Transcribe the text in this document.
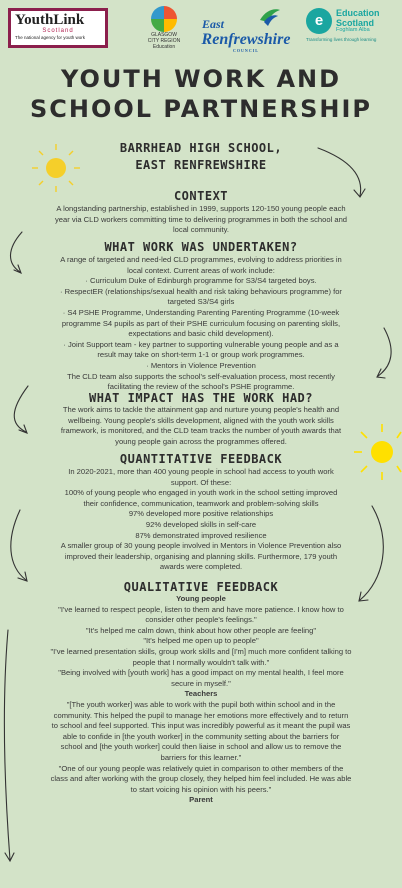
YouthLink
Scotland
The national agency for youth work	GLASGOW
CITY REGION
Education
East
Renfrewshire
COUNCIL
e	Education
Scotland
Foghlam Alba
Transforming lives through learning
YOUTH WORK AND
SCHOOL PARTNERSHIP
BARRHEAD HIGH SCHOOL,
EAST RENFREWSHIRE
CONTEXT
A longstanding partnership, established in 1999, supports 120-150 young people each
year via CLD workers committing time to delivering programmes in both the school and
local community.
WHAT WORK WAS UNDERTAKEN?
A range of targeted and need-led CLD programmes, evolving to address priorities in
local context. Current areas of work include:
· Curriculum Duke of Edinburgh programme for S3/S4 targeted boys.
· RespectER (relationships/sexual health and risk taking behaviours programme) for
targeted S3/S4 girls
· S4 PSHE Programme, Understanding Parenting Parenting Programme (10-week
programme S4 pupils as part of their PSHE curriculum focusing on parenting skills,
expectations and basic child development).
· Joint Support team - key partner to supporting vulnerable young people and as a
result may take on short-term 1-1 or group work programmes.
· Mentors in Violence Prevention
The CLD team also supports the school's self-evaluation process, most recently
facilitating the review of the school's PSHE programme.
WHAT IMPACT HAS THE WORK HAD?
The work aims to tackle the attainment gap and nurture young people's health and
wellbeing. Young people's skills development, aligned with the youth work skills
framework, is monitored, and the CLD team tracks the number of youth awards that
young people gain across the programmes offered.
QUANTITATIVE FEEDBACK
In 2020-2021, more than 400 young people in school had access to youth work
support. Of these:
100% of young people who engaged in youth work in the school setting improved
their confidence, communication, teamwork and problem-solving skills
97% developed more positive relationships
92% developed skills in self-care
87% demonstrated improved resilience
A smaller group of 30 young people involved in Mentors in Violence Prevention also
improved their leadership, organising and planning skills. Furthermore, 179 youth
awards were completed.
QUALITATIVE FEEDBACK
Young people
"I've learned to respect people, listen to them and have more patience. I know how to
consider other people's feelings."
"It's helped me calm down, think about how other people are feeling"
"It's helped me open up to people"
"I've learned presentation skills, group work skills and [I'm] much more confident talking to
people that I normally wouldn't talk with."
"Being involved with [youth work] has a good impact on my mental health, I feel more
secure in myself."
Teachers
"[The youth worker] was able to work with the pupil both within school and in the
community. This helped the pupil to manage her emotions more effectively and to return
to school and feel supported. This input was incredibly powerful as it meant the pupil was
able to confide in [the youth worker] in the community setting about the barriers for
school and [the youth worker] could then liaise in school and allow us to remove the
barriers for this learner."
"One of our young people was relatively quiet in comparison to other members of the
class and after working with the group closely, they helped him feel included. He was able
to start voicing his opinion with his peers."
Parent
